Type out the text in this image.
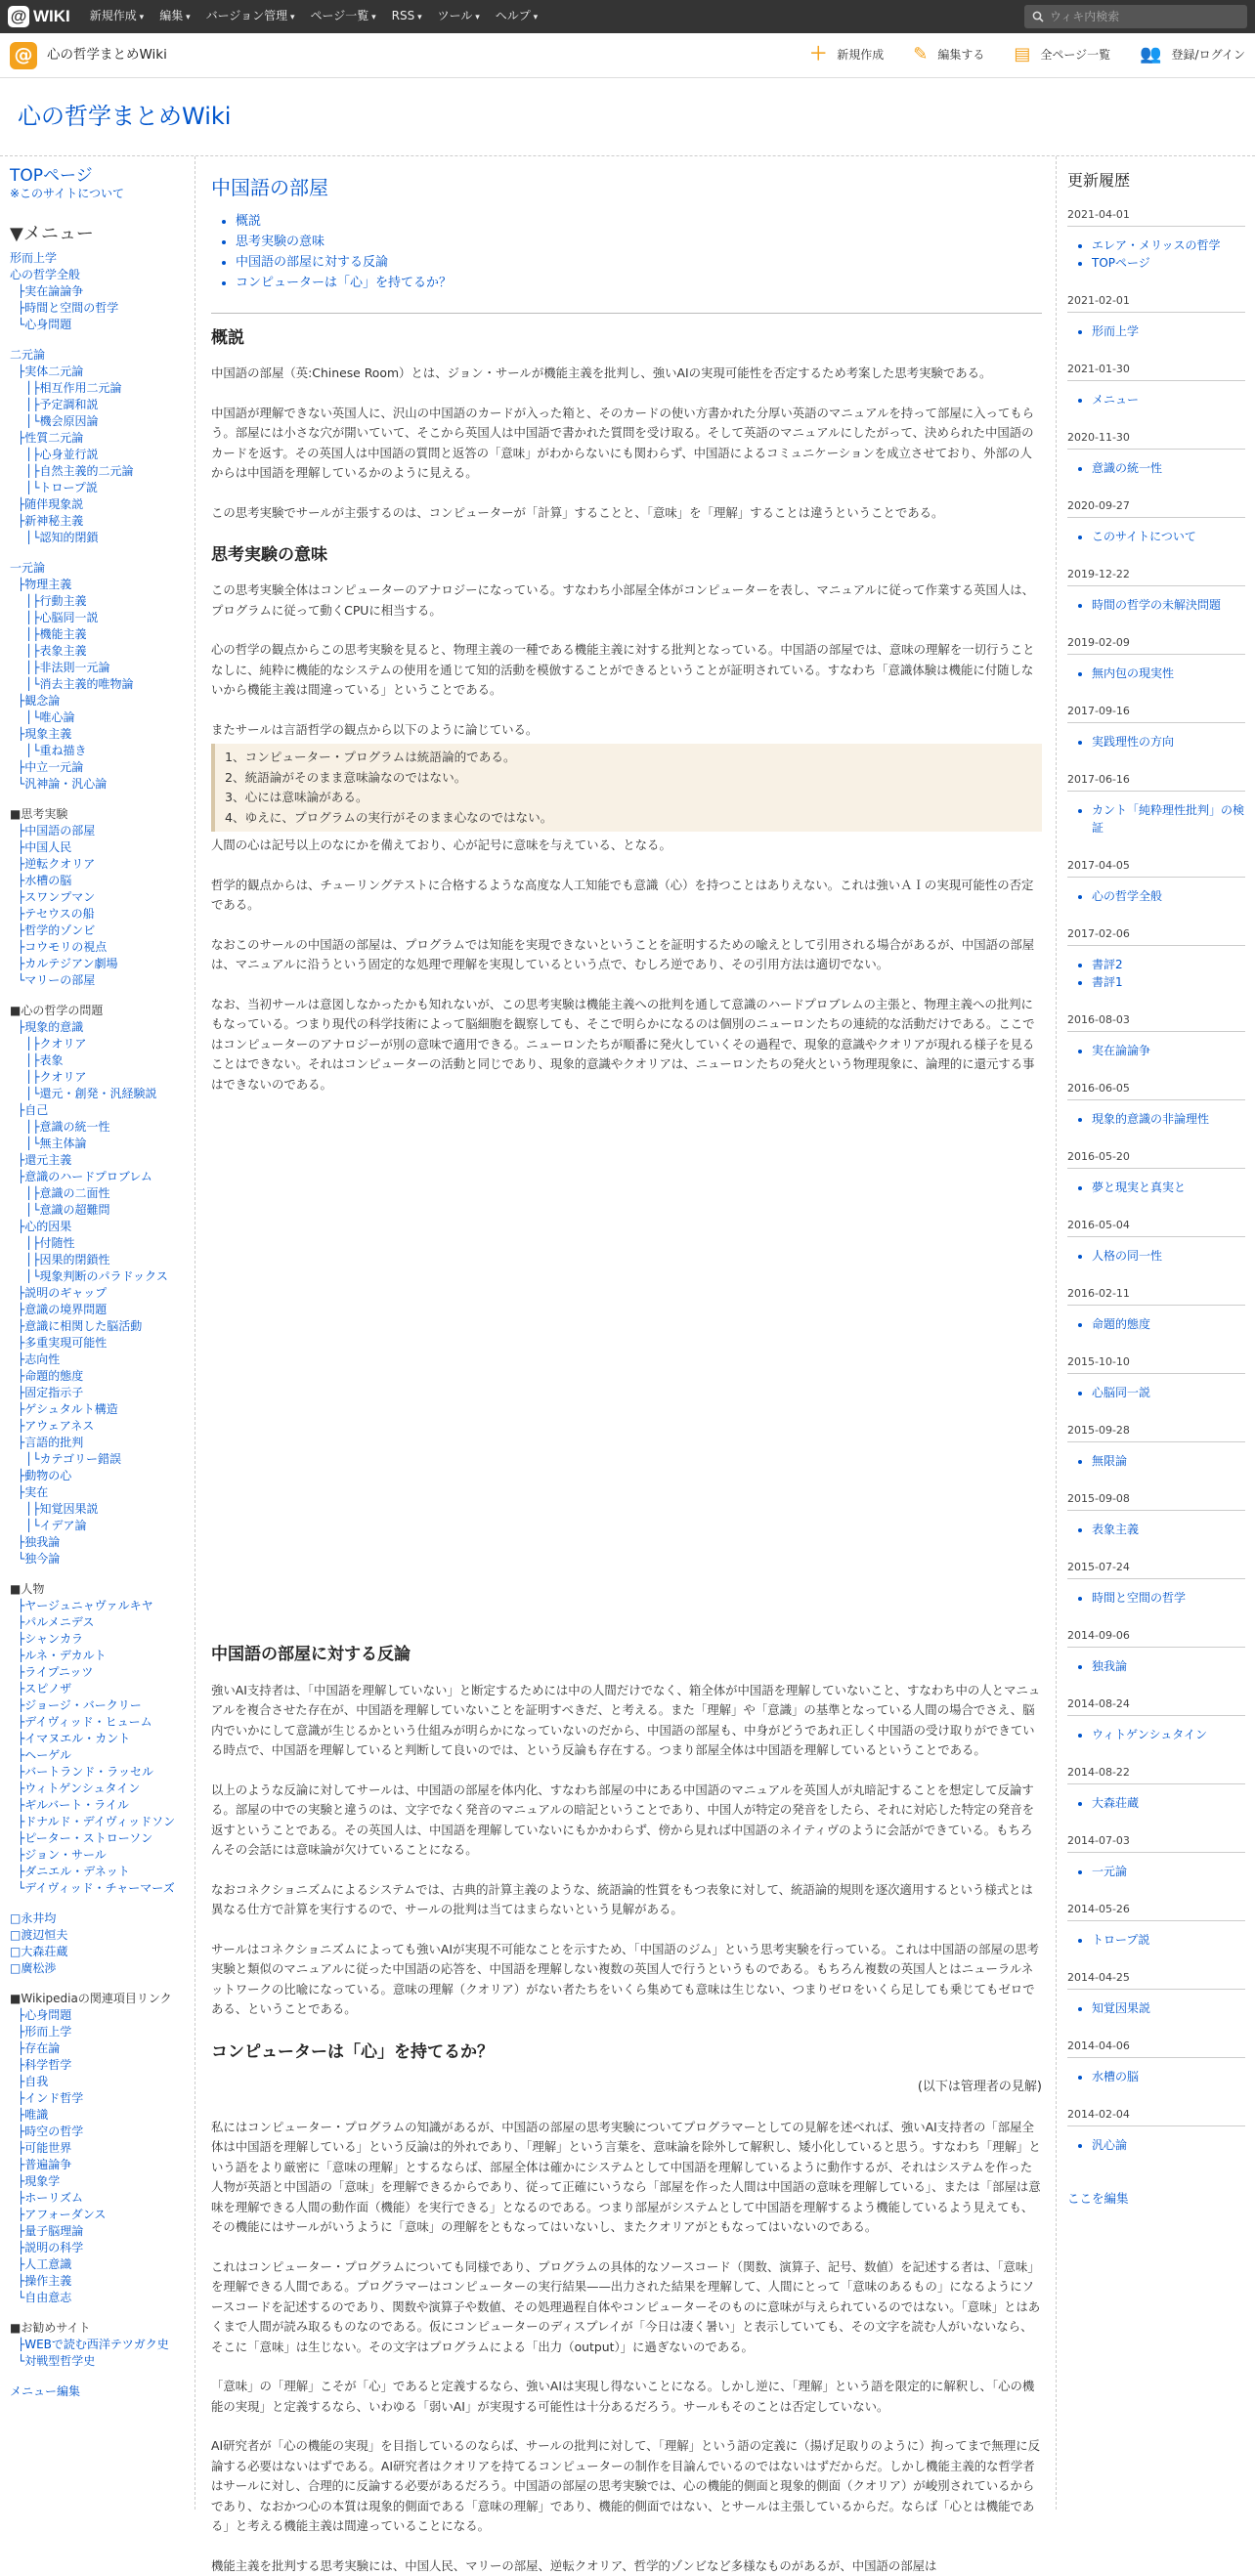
@ WIKI	新規作成 ▾	編集 ▾	バージョン管理 ▾	ページ一覧 ▾	RSS ▾	ツール ▾	ヘルプ ▾
ウィキ内検索
@	心の哲学まとめWiki	＋ 新規作成 ✎ 編集する ▤ 全ページ一覧 👥 登録/ログイン
心の哲学まとめWiki
TOPページ
※このサイトについて
▼メニュー
形而上学
心の哲学全般
├実在論論争
├時間と空間の哲学
└心身問題
二元論
├実体二元論
│├相互作用二元論
│├予定調和説
│└機会原因論
├性質二元論
│├心身並行説
│├自然主義的二元論
│└トロープ説
├随伴現象説
├新神秘主義
│└認知的閉鎖
一元論
├物理主義
│├行動主義
│├心脳同一説
│├機能主義
│├表象主義
│├非法則一元論
│└消去主義的唯物論
├観念論
│└唯心論
├現象主義
│└重ね描き
├中立一元論
└汎神論・汎心論
■思考実験
├中国語の部屋
├中国人民
├逆転クオリア
├水槽の脳
├スワンプマン
├テセウスの船
├哲学的ゾンビ
├コウモリの視点
├カルテジアン劇場
└マリーの部屋
■心の哲学の問題
├現象的意識
│├クオリア
│├表象
│├クオリア
│└還元・創発・汎経験説
├自己
│├意識の統一性
│└無主体論
├還元主義
├意識のハードプロブレム
│├意識の二面性
│└意識の超難問
├心的因果
│├付随性
│├因果的閉鎖性
│└現象判断のパラドックス
├説明のギャップ
├意識の境界問題
├意識に相関した脳活動
├多重実現可能性
├志向性
├命題的態度
├固定指示子
├ゲシュタルト構造
├アウェアネス
├言語的批判
│└カテゴリー錯誤
├動物の心
├実在
│├知覚因果説
│└イデア論
├独我論
└独今論
■人物
├ヤージュニャヴァルキヤ
├パルメニデス
├シャンカラ
├ルネ・デカルト
├ライプニッツ
├スピノザ
├ジョージ・バークリー
├デイヴィッド・ヒューム
├イマヌエル・カント
├ヘーゲル
├バートランド・ラッセル
├ウィトゲンシュタイン
├ギルバート・ライル
├ドナルド・デイヴィッドソン
├ピーター・ストローソン
├ジョン・サール
├ダニエル・デネット
└デイヴィッド・チャーマーズ
□永井均
□渡辺恒夫
□大森荘蔵
□廣松渉
■Wikipediaの関連項目リンク
├心身問題
├形而上学
├存在論
├科学哲学
├自我
├インド哲学
├唯識
├時空の哲学
├可能世界
├普遍論争
├現象学
├ホーリズム
├アフォーダンス
├量子脳理論
├説明の科学
├人工意識
├操作主義
└自由意志
■お勧めサイト
├WEBで読む西洋テツガク史
└対戦型哲学史
メニュー編集
中国語の部屋
• 概説
• 思考実験の意味
• 中国語の部屋に対する反論
• コンピューターは「心」を持てるか？
概説

中国語の部屋（英:Chinese Room）とは、ジョン・サールが機能主義を批判し、強いAIの実現可能性を否定するため考案した思考実験である。

中国語が理解できない英国人に、沢山の中国語のカードが入った箱と、そのカードの使い方書かれた分厚い英語のマニュアルを持って部屋に入ってもらう。部屋には小さな穴が開いていて、そこから英国人は中国語で書かれた質問を受け取る。そして英語のマニュアルにしたがって、決められた中国語のカードを返す。その英国人は中国語の質問と返答の「意味」がわからないにも関わらず、中国語によるコミュニケーションを成立させており、外部の人からは中国語を理解しているかのように見える。

この思考実験でサールが主張するのは、コンピューターが「計算」することと、「意味」を「理解」することは違うということである。

思考実験の意味

この思考実験全体はコンピューターのアナロジーになっている。すなわち小部屋全体がコンピューターを表し、マニュアルに従って作業する英国人は、プログラムに従って動くCPUに相当する。

心の哲学の観点からこの思考実験を見ると、物理主義の一種である機能主義に対する批判となっている。中国語の部屋では、意味の理解を一切行うことなしに、純粋に機能的なシステムの使用を通じて知的活動を模倣することができるということが証明されている。すなわち「意識体験は機能に付随しないから機能主義は間違っている」ということである。

またサールは言語哲学の観点から以下のように論じている。

1、コンピューター・プログラムは統語論的である。
2、統語論がそのまま意味論なのではない。
3、心には意味論がある。
4、ゆえに、プログラムの実行がそのまま心なのではない。

人間の心は記号以上のなにかを備えており、心が記号に意味を与えている、となる。

哲学的観点からは、チューリングテストに合格するような高度な人工知能でも意識（心）を持つことはありえない。これは強いＡＩの実現可能性の否定である。

なおこのサールの中国語の部屋は、プログラムでは知能を実現できないということを証明するための喩えとして引用される場合があるが、中国語の部屋は、マニュアルに沿うという固定的な処理で理解を実現しているという点で、むしろ逆であり、その引用方法は適切でない。

なお、当初サールは意図しなかったかも知れないが、この思考実験は機能主義への批判を通して意識のハードプロブレムの主張と、物理主義への批判にもなっている。つまり現代の科学技術によって脳細胞を観察しても、そこで明らかになるのは個別のニューロンたちの連続的な活動だけである。ここではコンピューターのアナロジーが別の意味で適用できる。ニューロンたちが順番に発火していくその過程で、現象的意識やクオリアが現れる様子を見ることはできない。それはコンピューターの活動と同じであり、現象的意識やクオリアは、ニューロンたちの発火という物理現象に、論理的に還元する事はできないのである。

中国語の部屋に対する反論

強いAI支持者は、「中国語を理解していない」と断定するためには中の人間だけでなく、箱全体が中国語を理解していないこと、すなわち中の人とマニュアルを複合させた存在が、中国語を理解していないことを証明すべきだ、と考える。また「理解」や「意識」の基準となっている人間の場合でさえ、脳内でいかにして意識が生じるかという仕組みが明らかになっていないのだから、中国語の部屋も、中身がどうであれ正しく中国語の受け取りができている時点で、中国語を理解していると判断して良いのでは、という反論も存在する。つまり部屋全体は中国語を理解しているということである。

以上のような反論に対してサールは、中国語の部屋を体内化、すなわち部屋の中にある中国語のマニュアルを英国人が丸暗記することを想定して反論する。部屋の中での実験と違うのは、文字でなく発音のマニュアルの暗記ということであり、中国人が特定の発音をしたら、それに対応した特定の発音を返すということである。その英国人は、中国語を理解していないにもかかわらず、傍から見れば中国語のネイティヴのように会話ができている。もちろんその会話には意味論が欠けていることになる。

なおコネクショニズムによるシステムでは、古典的計算主義のような、統語論的性質をもつ表象に対して、統語論的規則を逐次適用するという様式とは異なる仕方で計算を実行するので、サールの批判は当てはまらないという見解がある。

サールはコネクショニズムによっても強いAIが実現不可能なことを示すため、「中国語のジム」という思考実験を行っている。これは中国語の部屋の思考実験と類似のマニュアルに従った中国語の応答を、中国語を理解しない複数の英国人で行うというものである。もちろん複数の英国人とはニューラルネットワークの比喩になっている。意味の理解（クオリア）がない者たちをいくら集めても意味は生じない、つまりゼロをいくら足しても乗じてもゼロである、ということである。

コンピューターは「心」を持てるか？
(以下は管理者の見解)

私にはコンピューター・プログラムの知識があるが、中国語の部屋の思考実験についてプログラマーとしての見解を述べれば、強いAI支持者の「部屋全体は中国語を理解している」という反論は的外れであり、「理解」という言葉を、意味論を除外して解釈し、矮小化していると思う。すなわち「理解」という語をより厳密に「意味の理解」とするならば、部屋全体は確かにシステムとして中国語を理解しているように動作するが、それはシステムを作った人物が英語と中国語の「意味」を理解できるからであり、従って正確にいうなら「部屋を作った人間は中国語の意味を理解している」、または「部屋は意味を理解できる人間の動作面（機能）を実行できる」となるのである。つまり部屋がシステムとして中国語を理解するよう機能しているよう見えても、その機能にはサールがいうように「意味」の理解をともなってはいないし、またクオリアがともなってはいないのである。

これはコンピューター・プログラムについても同様であり、プログラムの具体的なソースコード（関数、演算子、記号、数値）を記述する者は、「意味」を理解できる人間である。プログラマーはコンピューターの実行結果——出力された結果を理解して、人間にとって「意味のあるもの」になるようにソースコードを記述するのであり、関数や演算子や数値、その処理過程自体やコンピューターそのものに意味が与えられているのではない。「意味」とはあくまで人間が読み取るものなのである。仮にコンピューターのディスプレイが「今日は凄く暑い」と表示していても、その文字を読む人がいないなら、そこに「意味」は生じない。その文字はプログラムによる「出力（output）」に過ぎないのである。

「意味」の「理解」こそが「心」であると定義するなら、強いAIは実現し得ないことになる。しかし逆に、「理解」という語を限定的に解釈し、「心の機能の実現」と定義するなら、いわゆる「弱いAI」が実現する可能性は十分あるだろう。サールもそのことは否定していない。

AI研究者が「心の機能の実現」を目指しているのならば、サールの批判に対して、「理解」という語の定義に（揚げ足取りのように）拘ってまで無理に反論する必要はないはずである。AI研究者はクオリアを持てるコンピューターの制作を目論んでいるのではないはずだからだ。しかし機能主義的な哲学者はサールに対し、合理的に反論する必要があるだろう。中国語の部屋の思考実験では、心の機能的側面と現象的側面（クオリア）が峻別されているからであり、なおかつ心の本質は現象的側面である「意味の理解」であり、機能的側面ではない、とサールは主張しているからだ。ならば「心とは機能である」と考える機能主義は間違っていることになる。

機能主義を批判する思考実験には、中国人民、マリーの部屋、逆転クオリア、哲学的ゾンビなど多様なものがあるが、中国語の部屋は

更新履歴
2021-04-01
• エレア・メリッスの哲学
• TOPページ
2021-02-01
• 形而上学
2021-01-30
• メニュー
2020-11-30
• 意識の統一性
2020-09-27
• このサイトについて
2019-12-22
• 時間の哲学の未解決問題
2019-02-09
• 無内包の現実性
2017-09-16
• 実践理性の方向
2017-06-16
• カント「純粋理性批判」の検証
2017-04-05
• 心の哲学全般
2017-02-06
• 書評2
• 書評1
2016-08-03
• 実在論論争
2016-06-05
• 現象的意識の非論理性
2016-05-20
• 夢と現実と真実と
2016-05-04
• 人格の同一性
2016-02-11
• 命題的態度
2015-10-10
• 心脳同一説
2015-09-28
• 無限論
2015-09-08
• 表象主義
2015-07-24
• 時間と空間の哲学
2014-09-06
• 独我論
2014-08-24
• ウィトゲンシュタイン
2014-08-22
• 大森荘蔵
2014-07-03
• 一元論
2014-05-26
• トロープ説
2014-04-25
• 知覚因果説
2014-04-06
• 水槽の脳
2014-02-04
• 汎心論
ここを編集
